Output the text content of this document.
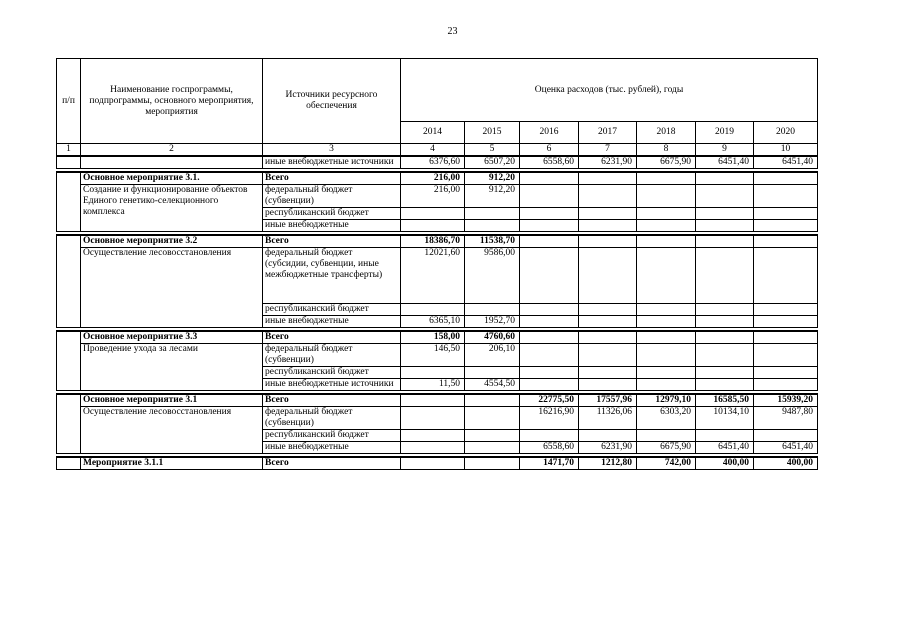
23
п/п	Наименование госпрограммы, подпрограммы, основного мероприятия, мероприятия	Источники ресурсного обеспечения	Оценка расходов (тыс. рублей), годы						
			2014	2015	2016	2017	2018	2019	2020
1	2	3	4	5	6	7	8	9	10
		иные внебюджетные источники	6376,60	6507,20	6558,60	6231,90	6675,90	6451,40	6451,40

	Основное мероприятие 3.1.	Всего	216,00	912,20					
	Создание и функционирование объектов Единого генетико-селекционного комплекса	федеральный бюджет (субвенции)	216,00	912,20					
		республиканский бюджет							
		иные внебюджетные							

	Основное мероприятие 3.2	Всего	18386,70	11538,70					
	Осуществление лесовосстановления	федеральный бюджет (субсидии, субвенции, иные межбюджетные трансферты)	12021,60	9586,00					
		республиканский бюджет							
		иные внебюджетные	6365,10	1952,70					

	Основное мероприятие 3.3	Всего	158,00	4760,60					
	Проведение ухода за лесами	федеральный бюджет (субвенции)	146,50	206,10					
		республиканский бюджет							
		иные внебюджетные источники	11,50	4554,50					

	Основное мероприятие 3.1	Всего			22775,50	17557,96	12979,10	16585,50	15939,20
	Осуществление лесовосстановления	федеральный бюджет (субвенции)			16216,90	11326,06	6303,20	10134,10	9487,80
		республиканский бюджет							
		иные внебюджетные			6558,60	6231,90	6675,90	6451,40	6451,40

	Мероприятие 3.1.1	Всего			1471,70	1212,80	742,00	400,00	400,00
